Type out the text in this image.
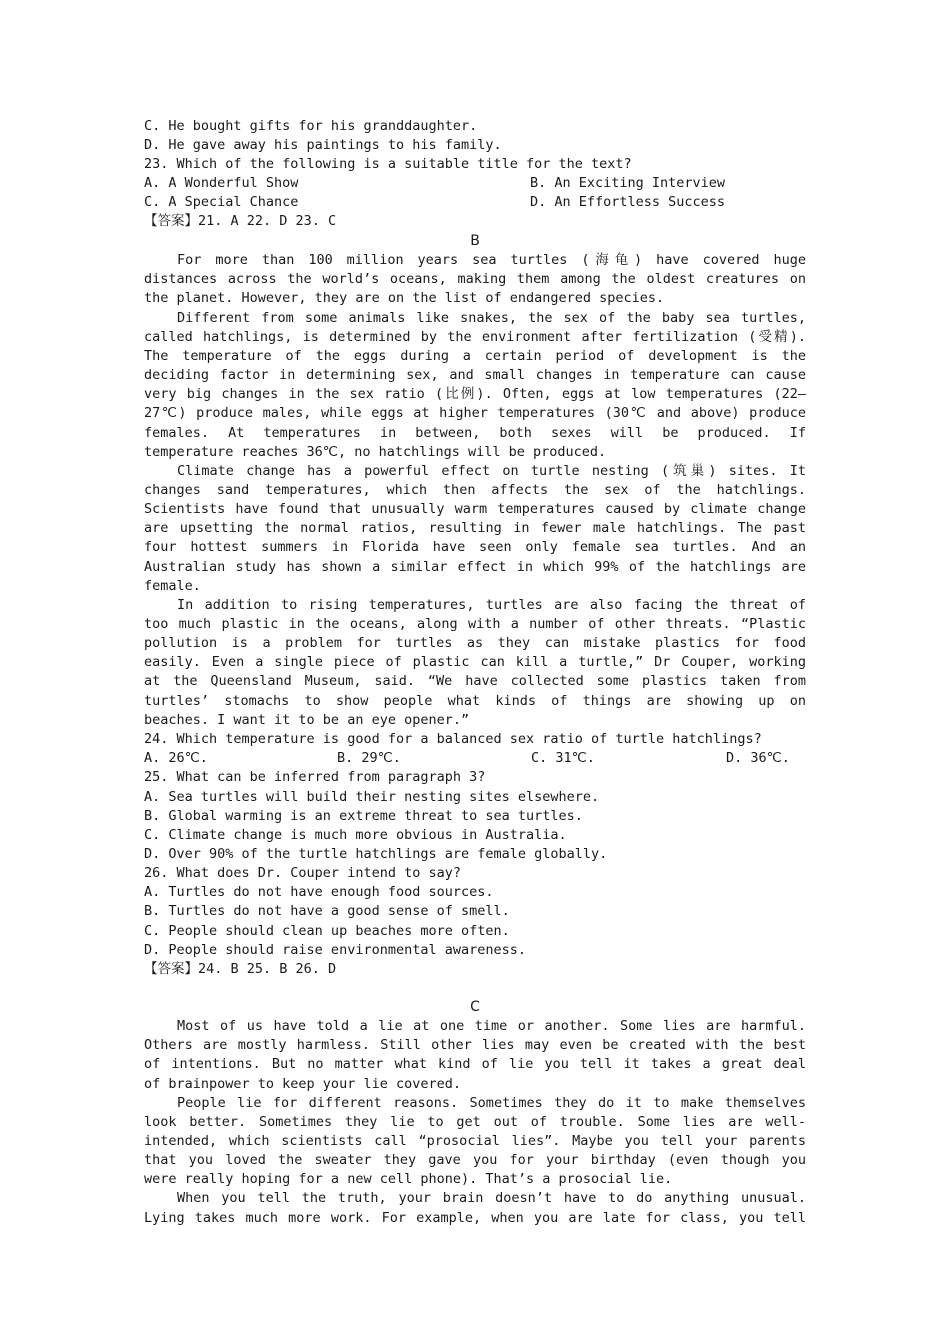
C. He bought gifts for his granddaughter.
D. He gave away his paintings to his family.
23. Which of the following is a suitable title for the text?
A. A Wonderful Show	B. An Exciting Interview
C. A Special Chance	D. An Effortless Success
【答案】21. A 22. D 23. C
B
For more than 100 million years sea turtles (海龟) have covered huge
distances across the world’s oceans, making them among the oldest creatures on
the planet. However, they are on the list of endangered species.
Different from some animals like snakes, the sex of the baby sea turtles,
called hatchlings, is determined by the environment after fertilization (受精).
The temperature of the eggs during a certain period of development is the
deciding factor in determining sex, and small changes in temperature can cause
very big changes in the sex ratio (比例). Often, eggs at low temperatures (22—
27℃) produce males, while eggs at higher temperatures (30℃ and above) produce
females. At temperatures in between, both sexes will be produced. If
temperature reaches 36℃, no hatchlings will be produced.
Climate change has a powerful effect on turtle nesting (筑巢) sites. It
changes sand temperatures, which then affects the sex of the hatchlings.
Scientists have found that unusually warm temperatures caused by climate change
are upsetting the normal ratios, resulting in fewer male hatchlings. The past
four hottest summers in Florida have seen only female sea turtles. And an
Australian study has shown a similar effect in which 99% of the hatchlings are
female.
In addition to rising temperatures, turtles are also facing the threat of
too much plastic in the oceans, along with a number of other threats. “Plastic
pollution is a problem for turtles as they can mistake plastics for food
easily. Even a single piece of plastic can kill a turtle,” Dr Couper, working
at the Queensland Museum, said. “We have collected some plastics taken from
turtles’ stomachs to show people what kinds of things are showing up on
beaches. I want it to be an eye opener.”
24. Which temperature is good for a balanced sex ratio of turtle hatchlings?
A. 26℃.	B. 29℃.	C. 31℃.	D. 36℃.
25. What can be inferred from paragraph 3?
A. Sea turtles will build their nesting sites elsewhere.
B. Global warming is an extreme threat to sea turtles.
C. Climate change is much more obvious in Australia.
D. Over 90% of the turtle hatchlings are female globally.
26. What does Dr. Couper intend to say?
A. Turtles do not have enough food sources.
B. Turtles do not have a good sense of smell.
C. People should clean up beaches more often.
D. People should raise environmental awareness.
【答案】24. B 25. B 26. D
C
Most of us have told a lie at one time or another. Some lies are harmful.
Others are mostly harmless. Still other lies may even be created with the best
of intentions. But no matter what kind of lie you tell it takes a great deal
of brainpower to keep your lie covered.
People lie for different reasons. Sometimes they do it to make themselves
look better. Sometimes they lie to get out of trouble. Some lies are well-
intended, which scientists call “prosocial lies”. Maybe you tell your parents
that you loved the sweater they gave you for your birthday (even though you
were really hoping for a new cell phone). That’s a prosocial lie.
When you tell the truth, your brain doesn’t have to do anything unusual.
Lying takes much more work. For example, when you are late for class, you tell
